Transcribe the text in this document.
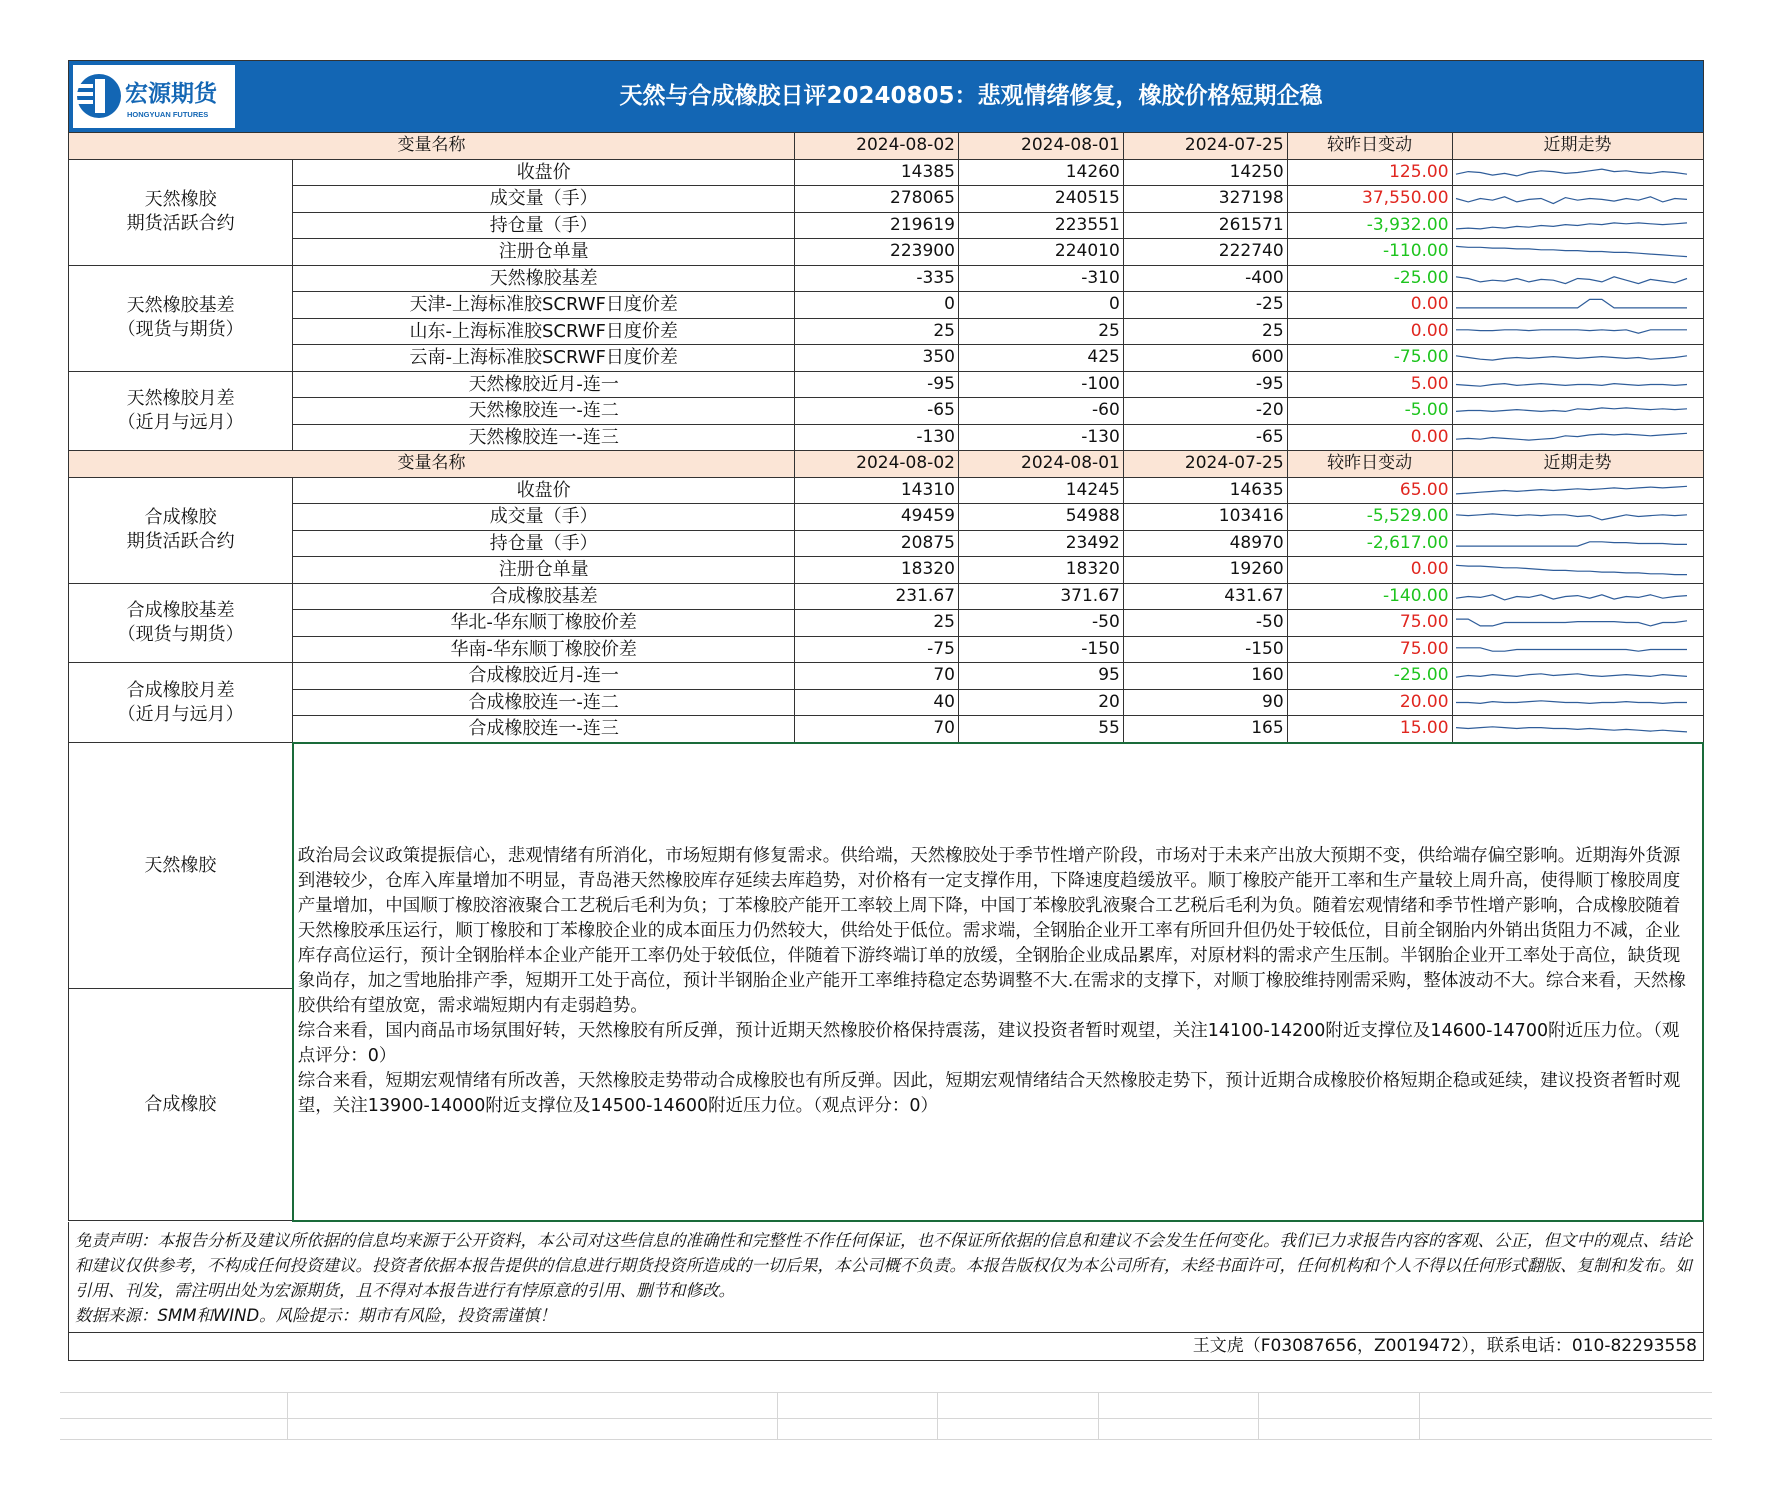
宏源期货
HONGYUAN FUTURES
天然与合成橡胶日评20240805：悲观情绪修复，橡胶价格短期企稳
变量名称		2024-08-02	2024-08-01	2024-07-25	较昨日变动	近期走势

天然橡胶
期货活跃合约	收盘价	14385	14260	14250	125.00	

	成交量（手）	278065	240515	327198	37,550.00	

	持仓量（手）	219619	223551	261571	-3,932.00	

	注册仓单量	223900	224010	222740	-110.00	

天然橡胶基差
（现货与期货）	天然橡胶基差	-335	-310	-400	-25.00	

	天津-上海标准胶SCRWF日度价差	0	0	-25	0.00	

	山东-上海标准胶SCRWF日度价差	25	25	25	0.00	

	云南-上海标准胶SCRWF日度价差	350	425	600	-75.00	

天然橡胶月差
（近月与远月）	天然橡胶近月-连一	-95	-100	-95	5.00	

	天然橡胶连一-连二	-65	-60	-20	-5.00	

	天然橡胶连一-连三	-130	-130	-65	0.00	

变量名称		2024-08-02	2024-08-01	2024-07-25	较昨日变动	近期走势

合成橡胶
期货活跃合约	收盘价	14310	14245	14635	65.00	

	成交量（手）	49459	54988	103416	-5,529.00	

	持仓量（手）	20875	23492	48970	-2,617.00	

	注册仓单量	18320	18320	19260	0.00	

合成橡胶基差
（现货与期货）	合成橡胶基差	231.67	371.67	431.67	-140.00	

	华北-华东顺丁橡胶价差	25	-50	-50	75.00	

	华南-华东顺丁橡胶价差	-75	-150	-150	75.00	

合成橡胶月差
（近月与远月）	合成橡胶近月-连一	70	95	160	-25.00	

	合成橡胶连一-连二	40	20	90	20.00	

	合成橡胶连一-连三	70	55	165	15.00	

天然橡胶	政治局会议政策提振信心，悲观情绪有所消化，市场短期有修复需求。供给端，天然橡胶处于季节性增产阶段，市场对于未来产出放大预期不变，供给端存偏空影响。近期海外货源到港较少，仓库入库量增加不明显，青岛港天然橡胶库存延续去库趋势，对价格有一定支撑作用，下降速度趋缓放平。顺丁橡胶产能开工率和生产量较上周升高，使得顺丁橡胶周度产量增加，中国顺丁橡胶溶液聚合工艺税后毛利为负；丁苯橡胶产能开工率较上周下降，中国丁苯橡胶乳液聚合工艺税后毛利为负。随着宏观情绪和季节性增产影响，合成橡胶随着天然橡胶承压运行，顺丁橡胶和丁苯橡胶企业的成本面压力仍然较大，供给处于低位。需求端，全钢胎企业开工率有所回升但仍处于较低位，目前全钢胎内外销出货阻力不减，企业库存高位运行，预计全钢胎样本企业产能开工率仍处于较低位，伴随着下游终端订单的放缓，全钢胎企业成品累库，对原材料的需求产生压制。半钢胎企业开工率处于高位，缺货现象尚存，加之雪地胎排产季，短期开工处于高位，预计半钢胎企业产能开工率维持稳定态势调整不大.在需求的支撑下，对顺丁橡胶维持刚需采购，整体波动不大。综合来看，天然橡胶供给有望放宽，需求端短期内有走弱趋势。
综合来看，国内商品市场氛围好转，天然橡胶有所反弹，预计近期天然橡胶价格保持震荡，建议投资者暂时观望，关注14100-14200附近支撑位及14600-14700附近压力位。（观点评分：0）
综合来看，短期宏观情绪有所改善，天然橡胶走势带动合成橡胶也有所反弹。因此，短期宏观情绪结合天然橡胶走势下，预计近期合成橡胶价格短期企稳或延续，建议投资者暂时观望，关注13900-14000附近支撑位及14500-14600附近压力位。（观点评分：0）					

合成橡胶						
免责声明：本报告分析及建议所依据的信息均来源于公开资料，本公司对这些信息的准确性和完整性不作任何保证，也不保证所依据的信息和建议不会发生任何变化。我们已力求报告内容的客观、公正，但文中的观点、结论和建议仅供参考，不构成任何投资建议。投资者依据本报告提供的信息进行期货投资所造成的一切后果，本公司概不负责。本报告版权仅为本公司所有，未经书面许可，任何机构和个人不得以任何形式翻版、复制和发布。如引用、刊发，需注明出处为宏源期货，且不得对本报告进行有悖原意的引用、删节和修改。
数据来源：SMM和WIND。风险提示：期市有风险，投资需谨慎！
王文虎（F03087656，Z0019472），联系电话：010-82293558
